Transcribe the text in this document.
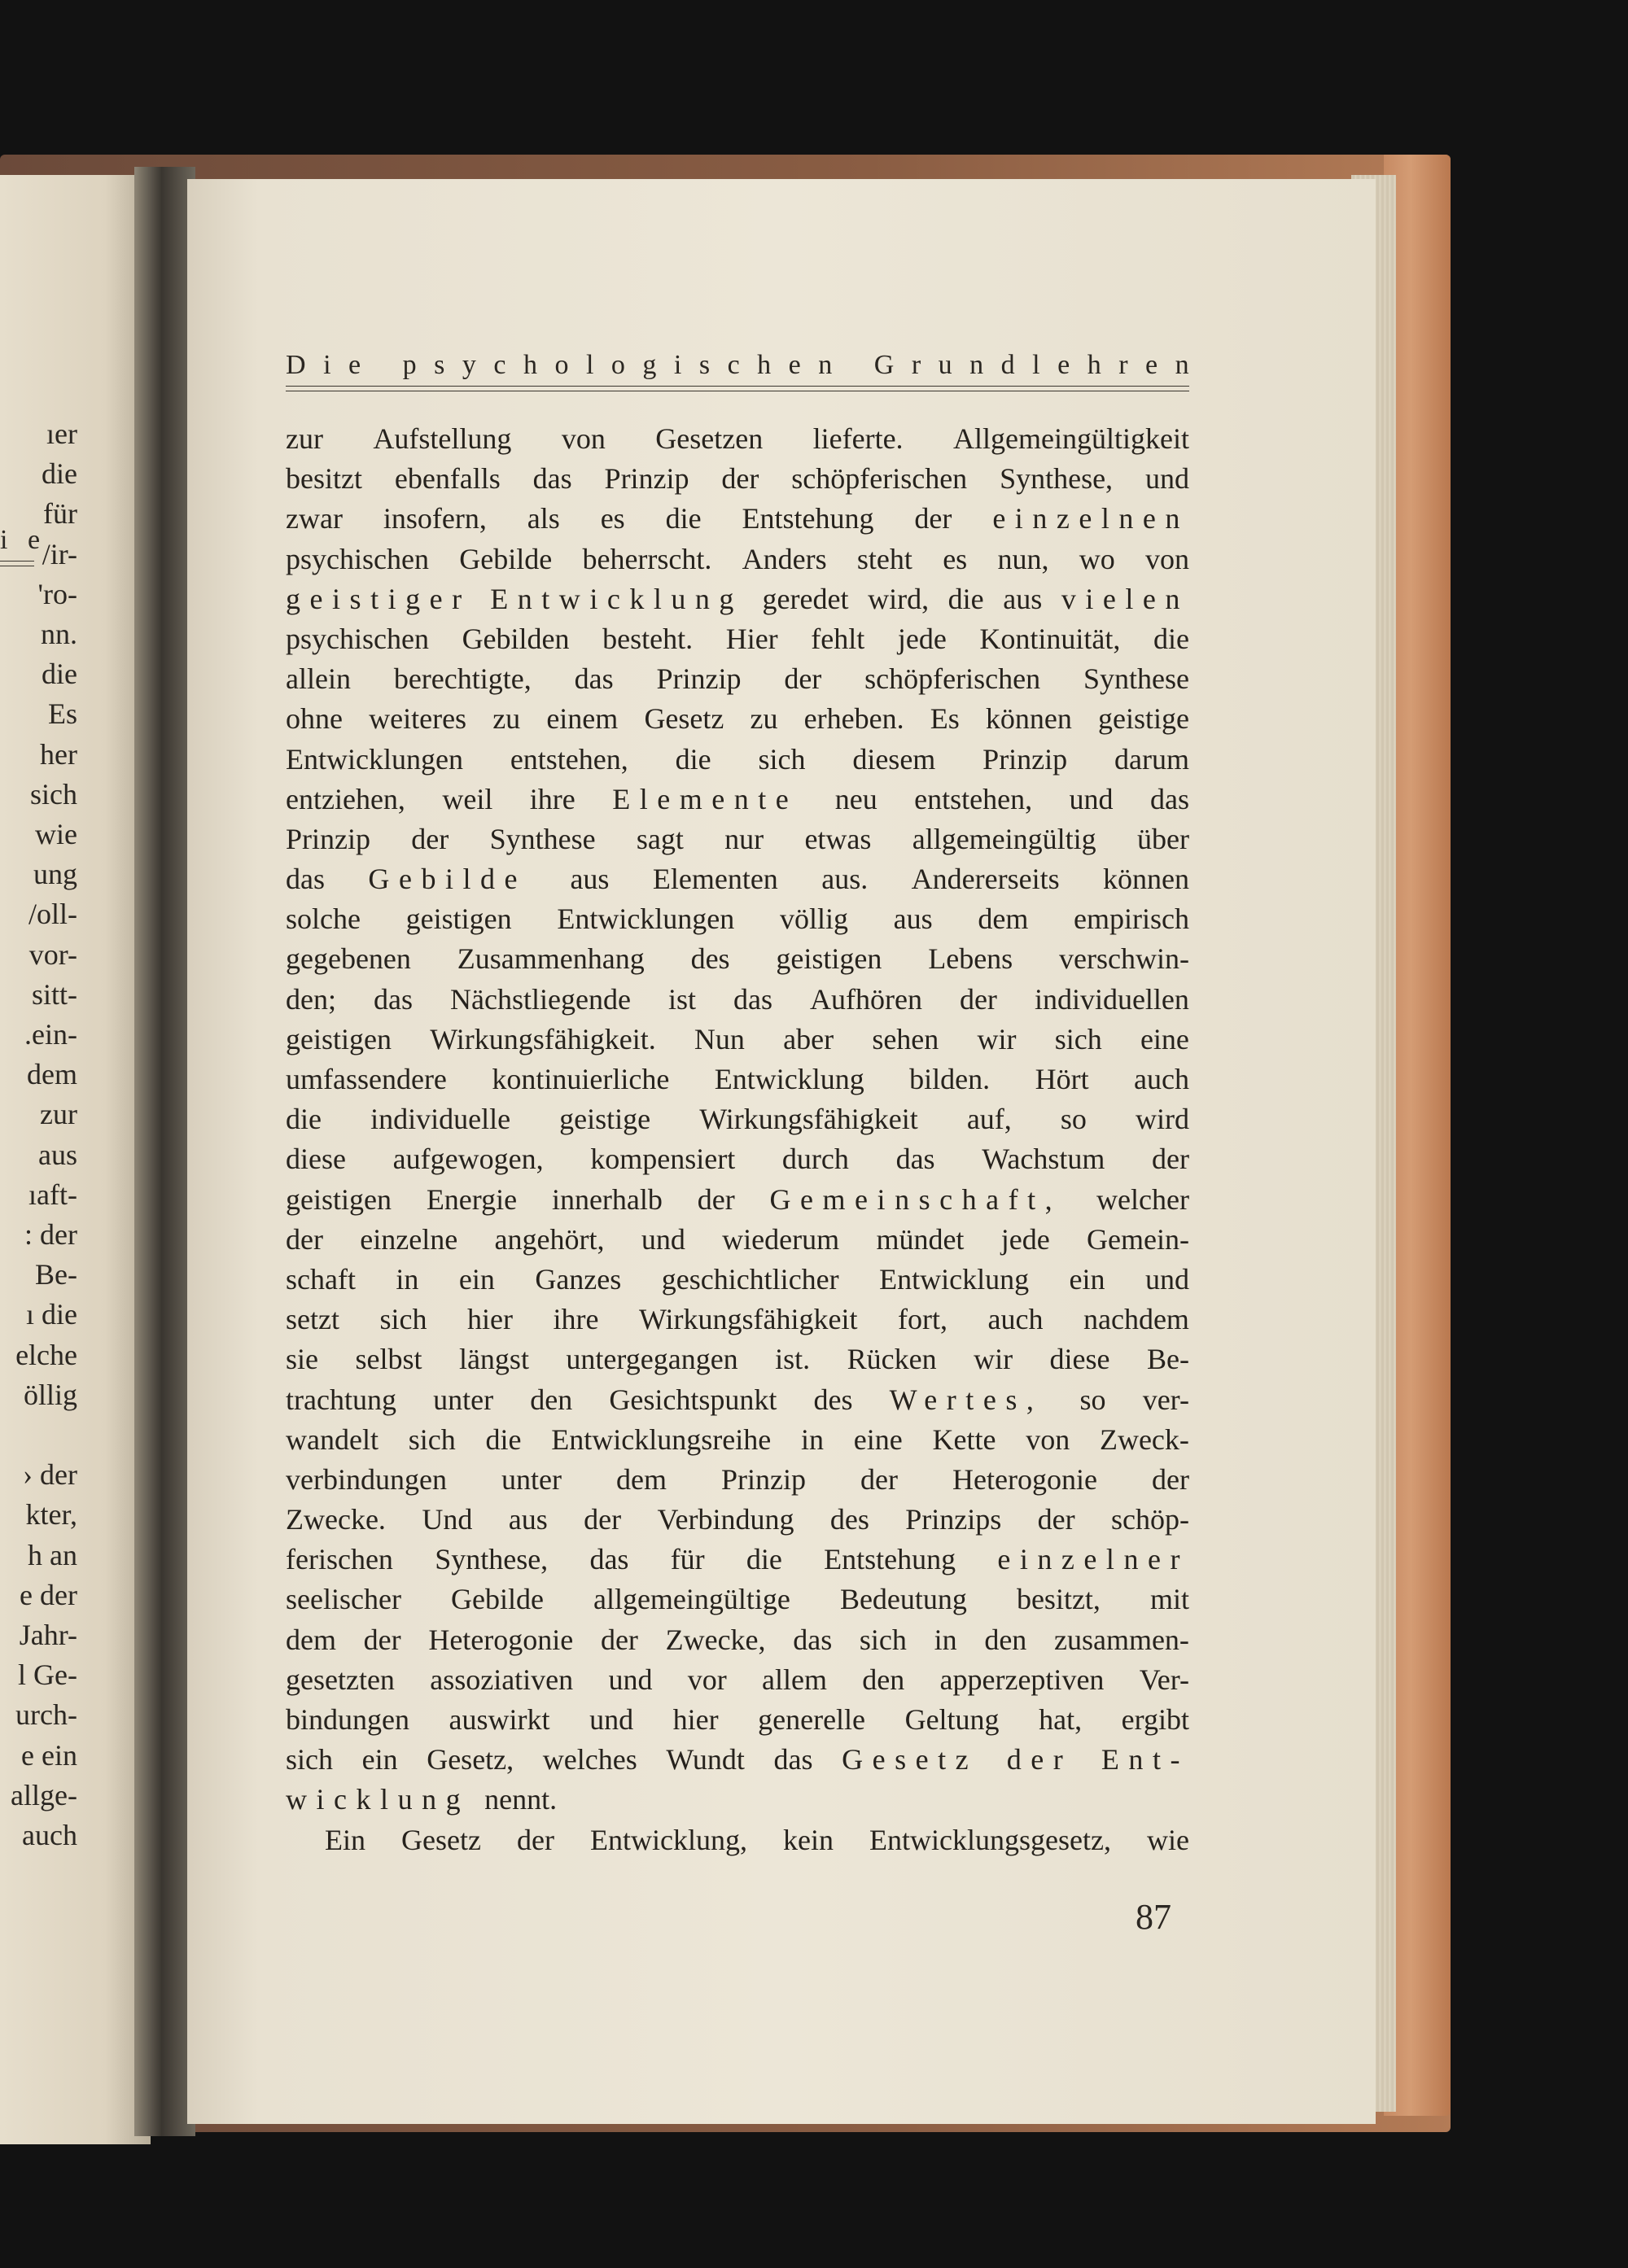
i e
ıer
die
für
/ir-
'ro-
nn.
die
Es
her
sich
wie
ung
/oll-
vor-
sitt-
.ein-
dem
zur
aus
ıaft-
: der
Be-
ı die
elche
öllig
› der
kter,
h an
e der
Jahr-
l Ge-
urch-
e ein
allge-
auch
D i e
p s y c h o l o g i s c h e n
G r u n d l e h r e n
zur Aufstellung von Gesetzen lieferte. Allgemeingültigkeit
besitzt ebenfalls das Prinzip der schöpferischen Synthese, und
zwar insofern, als es die Entstehung der einzelnen
psychischen Gebilde beherrscht. Anders steht es nun, wo von
geistiger Entwicklung geredet wird, die aus vielen
psychischen Gebilden besteht. Hier fehlt jede Kontinuität, die
allein berechtigte, das Prinzip der schöpferischen Synthese
ohne weiteres zu einem Gesetz zu erheben. Es können geistige
Entwicklungen entstehen, die sich diesem Prinzip darum
entziehen, weil ihre Elemente neu entstehen, und das
Prinzip der Synthese sagt nur etwas allgemeingültig über
das Gebilde aus Elementen aus. Andererseits können
solche geistigen Entwicklungen völlig aus dem empirisch
gegebenen Zusammenhang des geistigen Lebens verschwin-
den; das Nächstliegende ist das Aufhören der individuellen
geistigen Wirkungsfähigkeit. Nun aber sehen wir sich eine
umfassendere kontinuierliche Entwicklung bilden. Hört auch
die individuelle geistige Wirkungsfähigkeit auf, so wird
diese aufgewogen, kompensiert durch das Wachstum der
geistigen Energie innerhalb der Gemeinschaft, welcher
der einzelne angehört, und wiederum mündet jede Gemein-
schaft in ein Ganzes geschichtlicher Entwicklung ein und
setzt sich hier ihre Wirkungsfähigkeit fort, auch nachdem
sie selbst längst untergegangen ist. Rücken wir diese Be-
trachtung unter den Gesichtspunkt des Wertes, so ver-
wandelt sich die Entwicklungsreihe in eine Kette von Zweck-
verbindungen unter dem Prinzip der Heterogonie der
Zwecke. Und aus der Verbindung des Prinzips der schöp-
ferischen Synthese, das für die Entstehung einzelner
seelischer Gebilde allgemeingültige Bedeutung besitzt, mit
dem der Heterogonie der Zwecke, das sich in den zusammen-
gesetzten assoziativen und vor allem den apperzeptiven Ver-
bindungen auswirkt und hier generelle Geltung hat, ergibt
sich ein Gesetz, welches Wundt das Gesetz der Ent-
wicklung nennt.
Ein Gesetz der Entwicklung, kein Entwicklungsgesetz, wie
87
